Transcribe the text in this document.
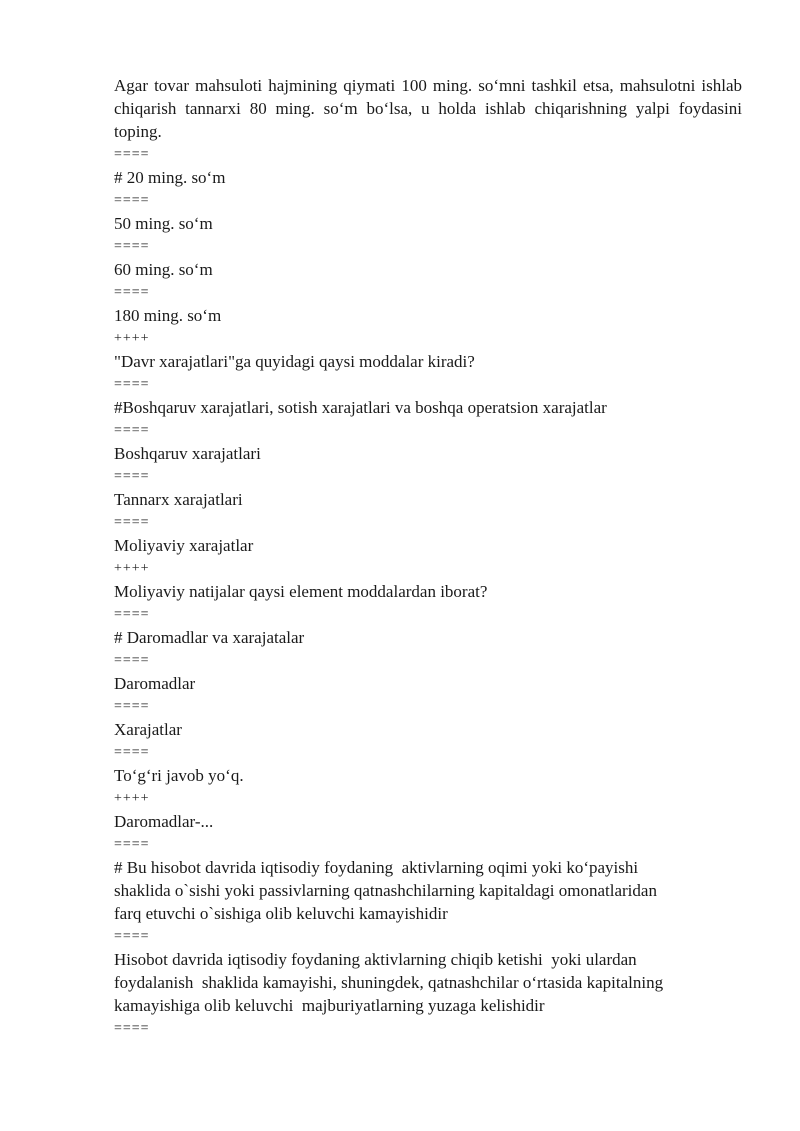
Agar tovar mahsuloti hajmining qiymati 100 ming. so‘mni tashkil etsa, mahsulotni ishlab chiqarish tannarxi 80 ming. so‘m bo‘lsa, u holda ishlab chiqarishning yalpi foydasini toping.

====

# 20 ming. so‘m

====

50 ming. so‘m

====

60 ming. so‘m

====

180 ming. so‘m

++++

"Davr xarajatlari"ga quyidagi qaysi moddalar kiradi?

====

#Boshqaruv xarajatlari, sotish xarajatlari va boshqa operatsion xarajatlar

====

Boshqaruv xarajatlari

====

Tannarx xarajatlari

====

Moliyaviy xarajatlar

++++

Moliyaviy natijalar qaysi element moddalardan iborat?

====

# Daromadlar va xarajatalar

====

Daromadlar

====

Xarajatlar

====

To‘g‘ri javob yo‘q.

++++

Daromadlar-...

====

# Bu hisobot davrida iqtisodiy foydaning  aktivlarning oqimi yoki ko‘payishi
shaklida o`sishi yoki passivlarning qatnashchilarning kapitaldagi omonatlaridan
farq etuvchi o`sishiga olib keluvchi kamayishidir

====

Hisobot davrida iqtisodiy foydaning aktivlarning chiqib ketishi  yoki ulardan
foydalanish  shaklida kamayishi, shuningdek, qatnashchilar o‘rtasida kapitalning
kamayishiga olib keluvchi  majburiyatlarning yuzaga kelishidir

====
